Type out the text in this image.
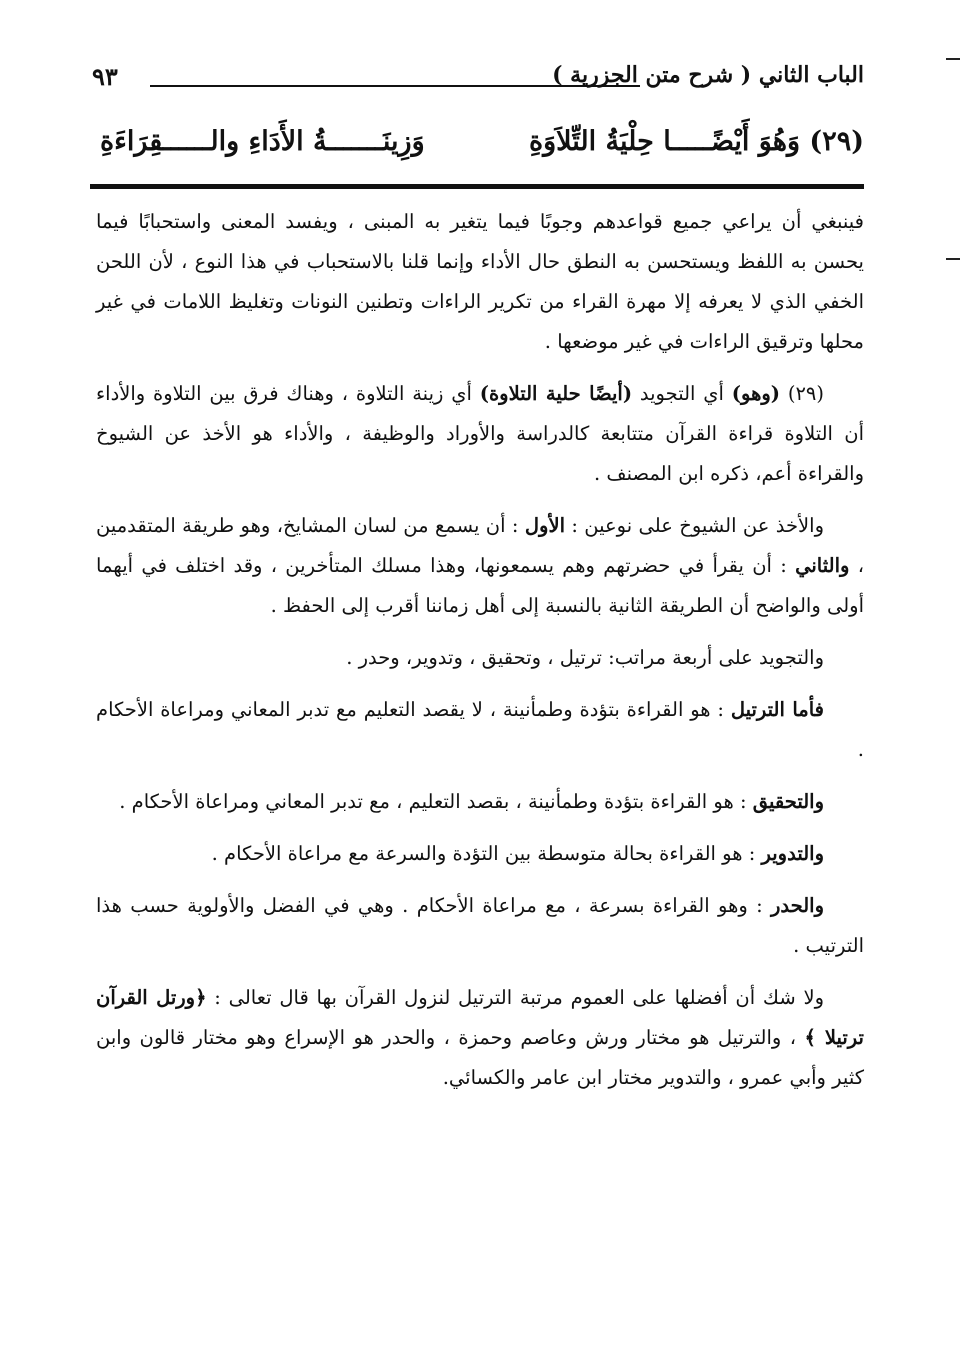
٩٣	الباب الثاني ( شرح متن الجزرية )
(٢٩) وَهُوَ أَيْضًـــــا حِلْيَةُ التِّلاَوَةِ
وَزِينَـــــــةُ الأَدَاءِ والــــــقِرَاءَةِ

فينبغي أن يراعي جميع قواعدهم وجوبًا فيما يتغير به المبنى ، ويفسد المعنى واستحبابًا فيما يحسن به اللفظ ويستحسن به النطق حال الأداء وإنما قلنا بالاستحباب في هذا النوع ، لأن اللحن الخفي الذي لا يعرفه إلا مهرة القراء من تكرير الراءات وتطنين النونات وتغليظ اللامات في غير محلها وترقيق الراءات في غير موضعها .

(٢٩) (وهو) أي التجويد (أيضًا حلية التلاوة) أي زينة التلاوة ، وهناك فرق بين التلاوة والأداء أن التلاوة قراءة القرآن متتابعة كالدراسة والأوراد والوظيفة ، والأداء هو الأخذ عن الشيوخ والقراءة أعم، ذكره ابن المصنف .

والأخذ عن الشيوخ على نوعين : الأول : أن يسمع من لسان المشايخ، وهو طريقة المتقدمين ، والثاني : أن يقرأ في حضرتهم وهم يسمعونها، وهذا مسلك المتأخرين ، وقد اختلف في أيهما أولى والواضح أن الطريقة الثانية بالنسبة إلى أهل زماننا أقرب إلى الحفظ .

والتجويد على أربعة مراتب: ترتيل ، وتحقيق ، وتدوير، وحدر .

فأما الترتيل : هو القراءة بتؤدة وطمأنينة ، لا يقصد التعليم مع تدبر المعاني ومراعاة الأحكام .

والتحقيق : هو القراءة بتؤدة وطمأنينة ، بقصد التعليم ، مع تدبر المعاني ومراعاة الأحكام .

والتدوير : هو القراءة بحالة متوسطة بين التؤدة والسرعة مع مراعاة الأحكام .

والحدر : وهو القراءة بسرعة ، مع مراعاة الأحكام . وهي في الفضل والأولوية حسب هذا الترتيب .

ولا شك أن أفضلها على العموم مرتبة الترتيل لنزول القرآن بها قال تعالى : ﴿ورتل القرآن ترتيلا ﴾ ، والترتيل هو مختار ورش وعاصم وحمزة ، والحدر هو الإسراع وهو مختار قالون وابن كثير وأبي عمرو ، والتدوير مختار ابن عامر والكسائي.
